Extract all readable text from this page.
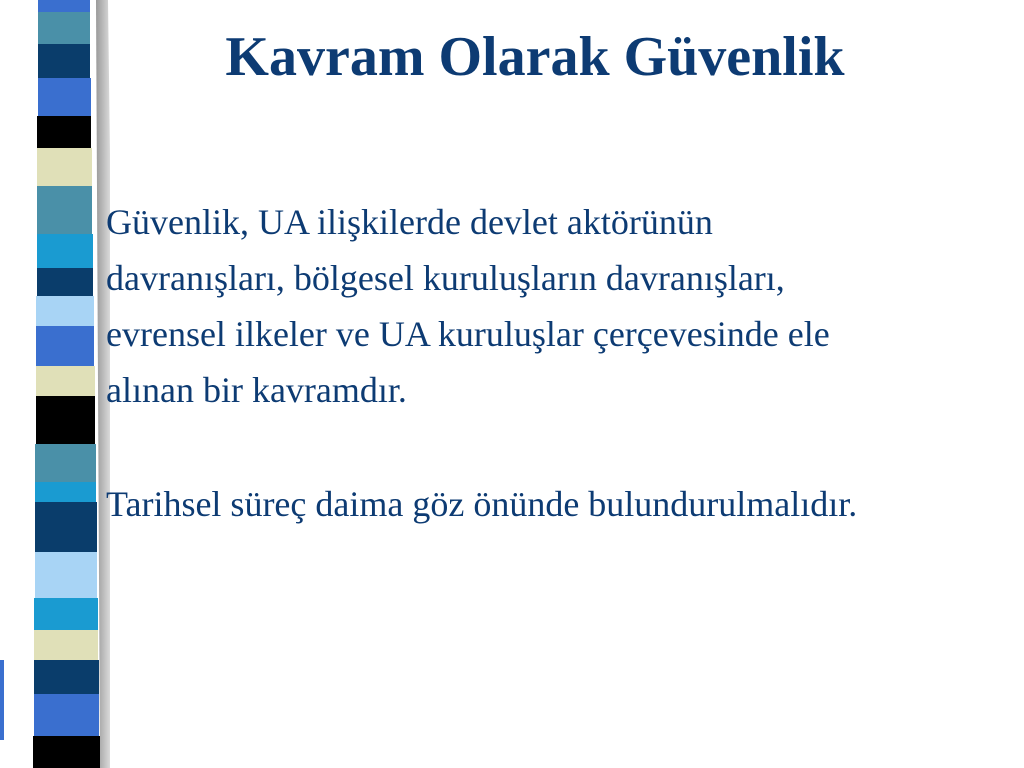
Kavram Olarak Güvenlik
Güvenlik, UA ilişkilerde devlet aktörünün
davranışları, bölgesel kuruluşların davranışları,
evrensel ilkeler ve UA kuruluşlar çerçevesinde ele
alınan bir kavramdır.
Tarihsel süreç daima göz önünde bulundurulmalıdır.
